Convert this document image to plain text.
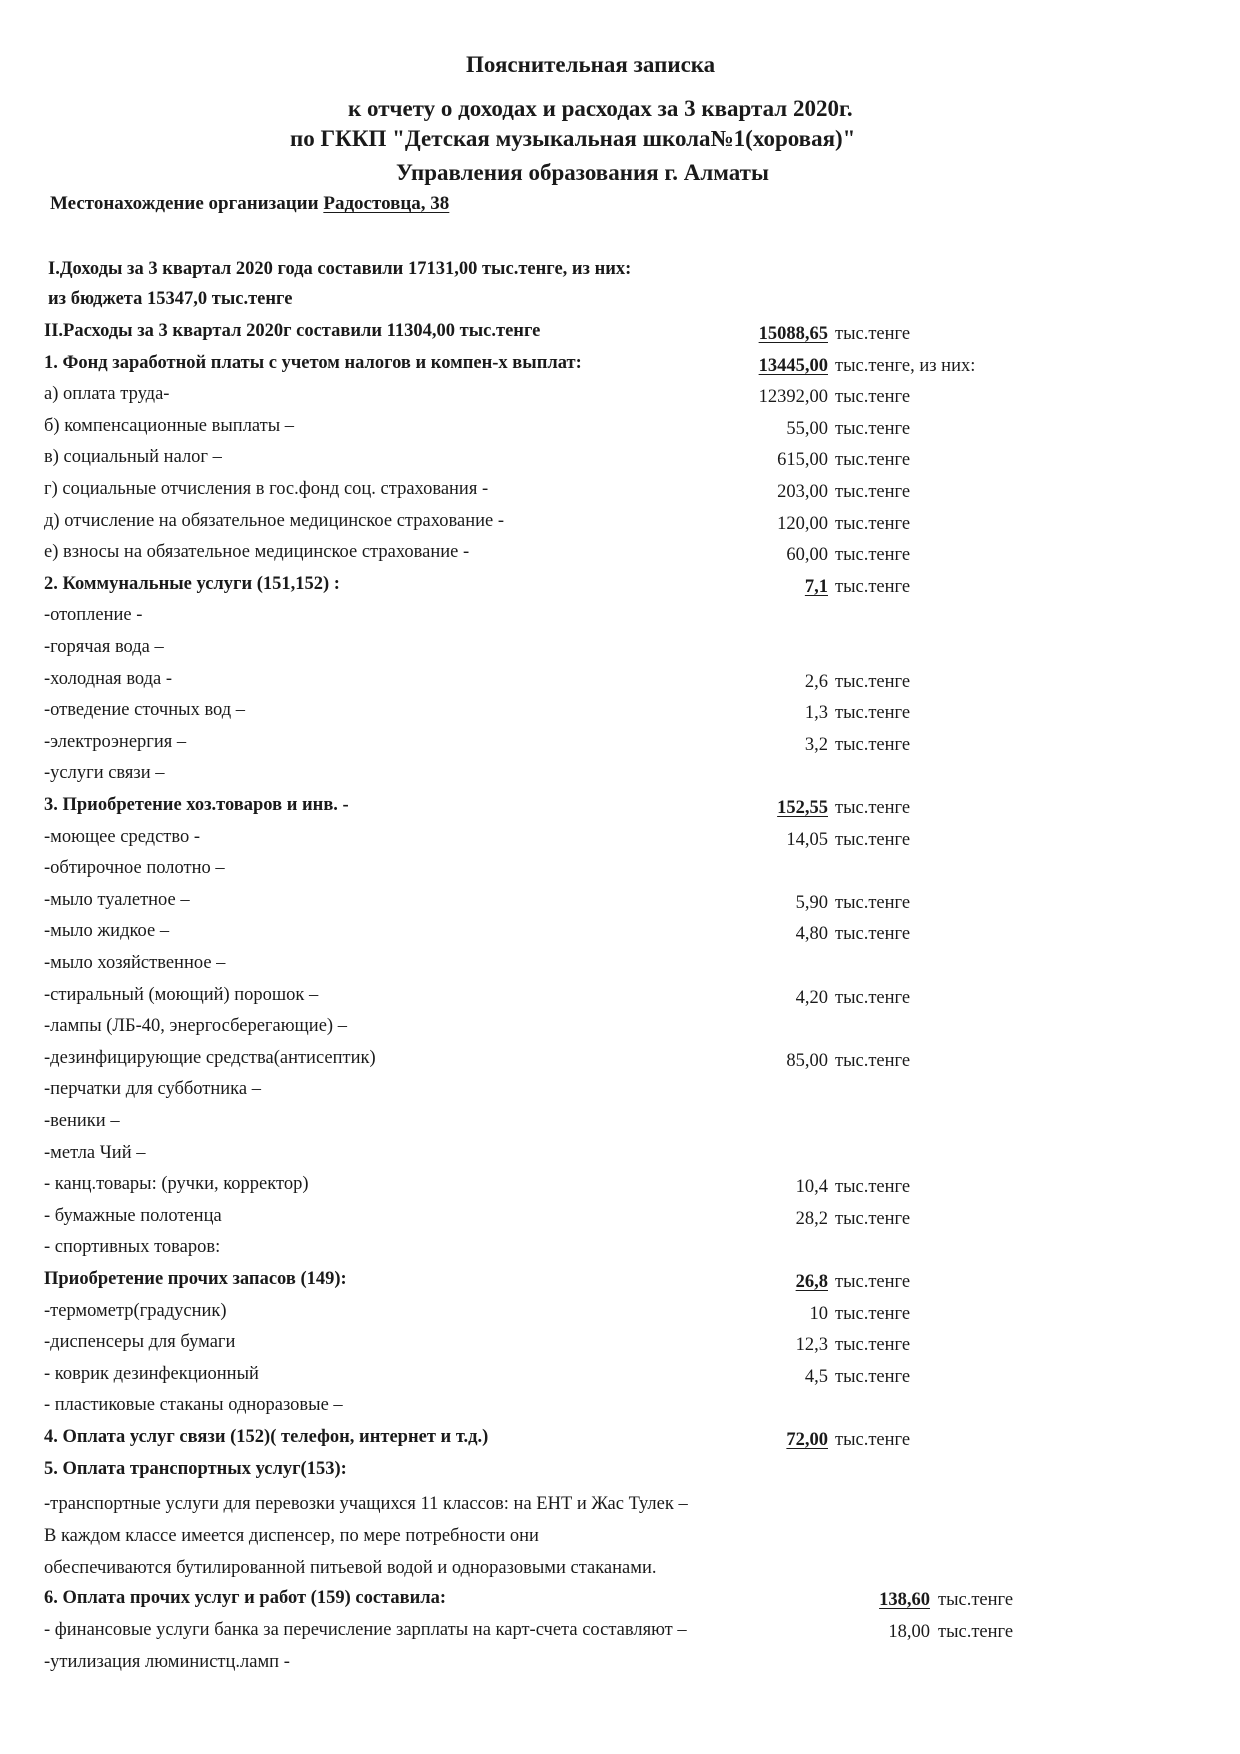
Пояснительная записка
к отчету о доходах и расходах за 3 квартал 2020г.
по ГККП "Детская музыкальная школа№1(хоровая)"
Управления образования г. Алматы
Местонахождение организации Радостовца, 38
I.Доходы за 3 квартал 2020 года составили 17131,00 тыс.тенге, из них:
из бюджета 15347,0 тыс.тенге
II.Расходы за 3 квартал 2020г составили 11304,00 тыс.тенге	15088,65 тыс.тенге
1. Фонд заработной платы с учетом налогов и компен-х выплат:	13445,00 тыс.тенге, из них:
а) оплата труда-	12392,00 тыс.тенге
б) компенсационные выплаты –	55,00 тыс.тенге
в) социальный налог –	615,00 тыс.тенге
г) социальные отчисления в гос.фонд соц. страхования -	203,00 тыс.тенге
д) отчисление на обязательное медицинское страхование -	120,00 тыс.тенге
е) взносы на обязательное медицинское страхование -	60,00 тыс.тенге
2. Коммунальные услуги (151,152) :	7,1 тыс.тенге
-отопление -
-горячая вода –
-холодная вода -	2,6 тыс.тенге
-отведение сточных вод –	1,3 тыс.тенге
-электроэнергия –	3,2 тыс.тенге
-услуги связи –
3. Приобретение хоз.товаров и инв. -	152,55 тыс.тенге
-моющее средство -	14,05 тыс.тенге
-обтирочное полотно –
-мыло туалетное –	5,90 тыс.тенге
-мыло жидкое –	4,80 тыс.тенге
-мыло хозяйственное –
-стиральный (моющий) порошок –	4,20 тыс.тенге
-лампы (ЛБ-40, энергосберегающие) –
-дезинфицирующие средства(антисептик)	85,00 тыс.тенге
-перчатки для субботника –
-веники –
-метла Чий –
- канц.товары: (ручки, корректор)	10,4 тыс.тенге
- бумажные полотенца	28,2 тыс.тенге
- спортивных товаров:
Приобретение прочих запасов (149):	26,8 тыс.тенге
-термометр(градусник)	10 тыс.тенге
-диспенсеры для бумаги	12,3 тыс.тенге
- коврик дезинфекционный	4,5 тыс.тенге
- пластиковые стаканы одноразовые –
4. Оплата услуг связи (152)( телефон, интернет и т.д.)	72,00 тыс.тенге
5. Оплата транспортных услуг(153):
-транспортные услуги для перевозки учащихся 11 классов: на ЕНТ и Жас Тулек –
В каждом классе имеется диспенсер, по мере потребности они
обеспечиваются бутилированной питьевой водой и одноразовыми стаканами.
6. Оплата прочих услуг и работ (159) составила:	138,60 тыс.тенге
- финансовые услуги банка за перечисление зарплаты на карт-счета составляют –	18,00 тыс.тенге
-утилизация люминистц.ламп -
